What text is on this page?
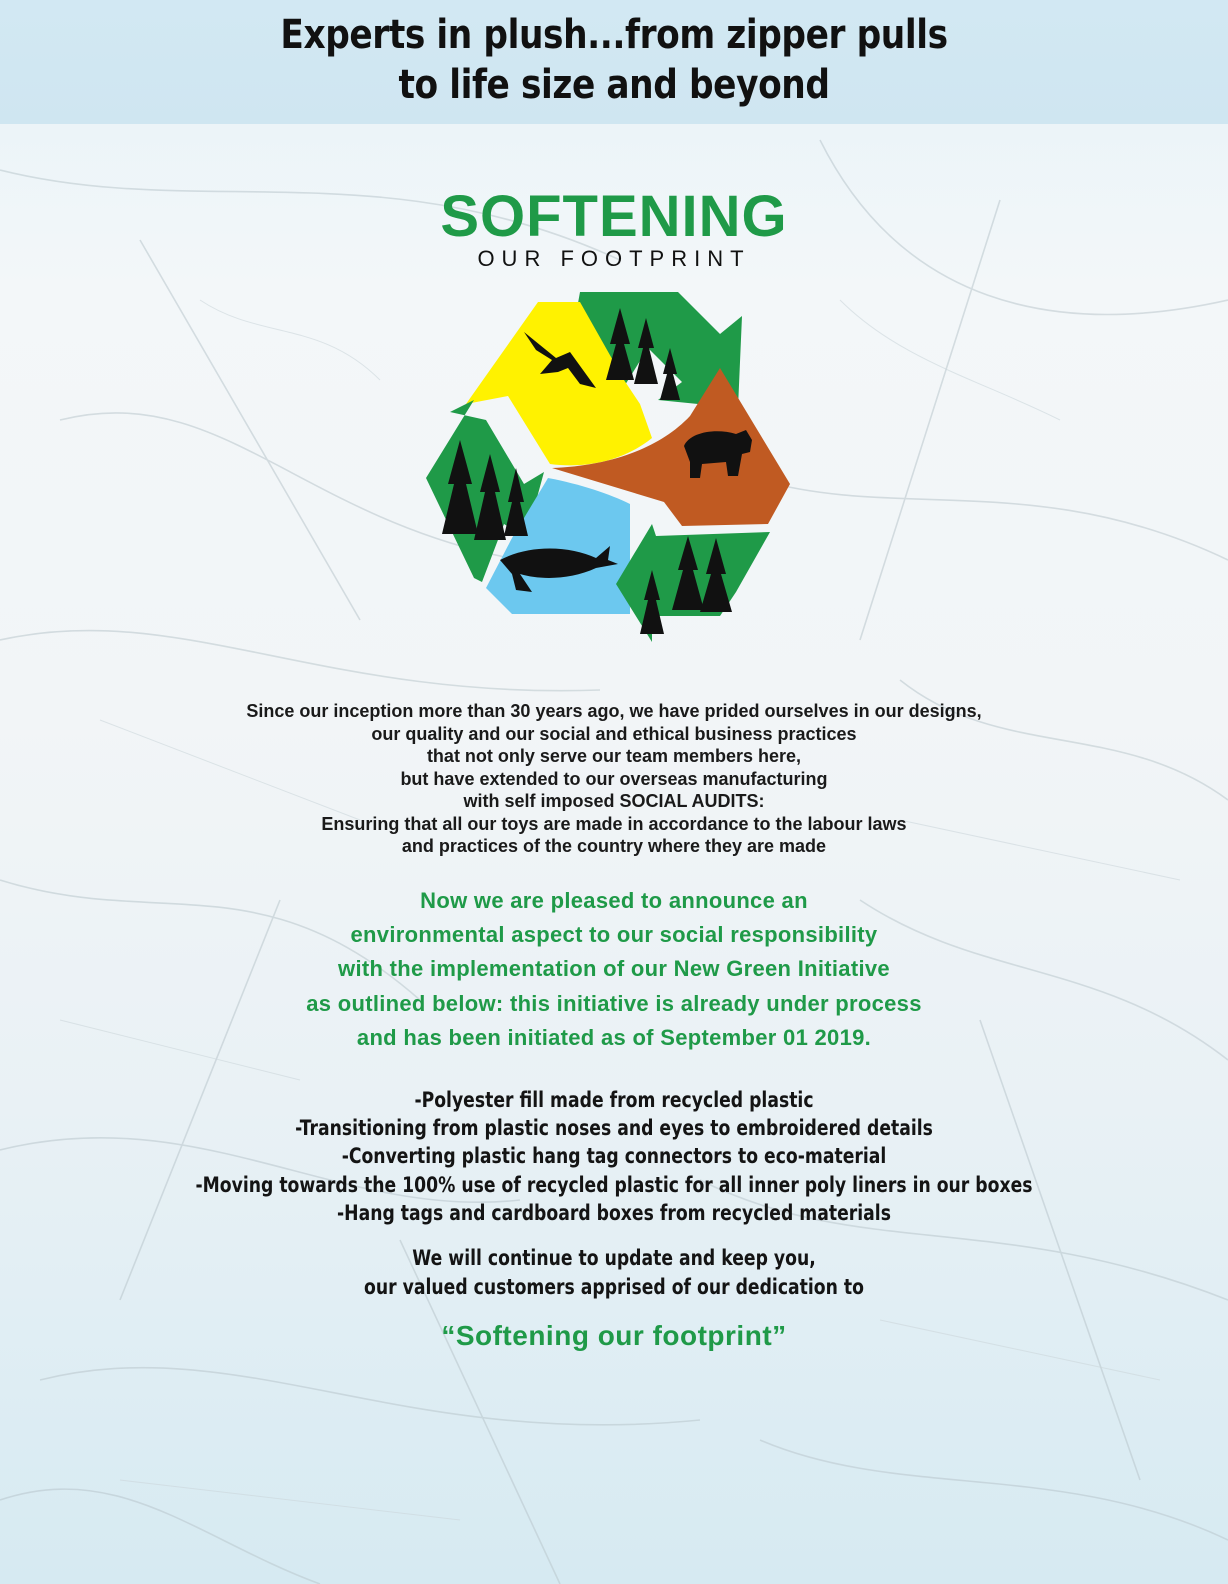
Experts in plush...from zipper pulls
to life size and beyond
SOFTENING
OUR FOOTPRINT
Since our inception more than 30 years ago, we have prided ourselves in our designs,
our quality and our social and ethical business practices
that not only serve our team members here,
but have extended to our overseas manufacturing
with self imposed SOCIAL AUDITS:
Ensuring that all our toys are made in accordance to the labour laws
and practices of the country where they are made
Now we are pleased to announce an
environmental aspect to our social responsibility
with the implementation of our New Green Initiative
as outlined below: this initiative is already under process
and has been initiated as of September 01 2019.
-Polyester fill made from recycled plastic
-Transitioning from plastic noses and eyes to embroidered details
-Converting plastic hang tag connectors to eco-material
-Moving towards the 100% use of recycled plastic for all inner poly liners in our boxes
-Hang tags and cardboard boxes from recycled materials
We will continue to update and keep you,
our valued customers apprised of our dedication to
“Softening our footprint”
